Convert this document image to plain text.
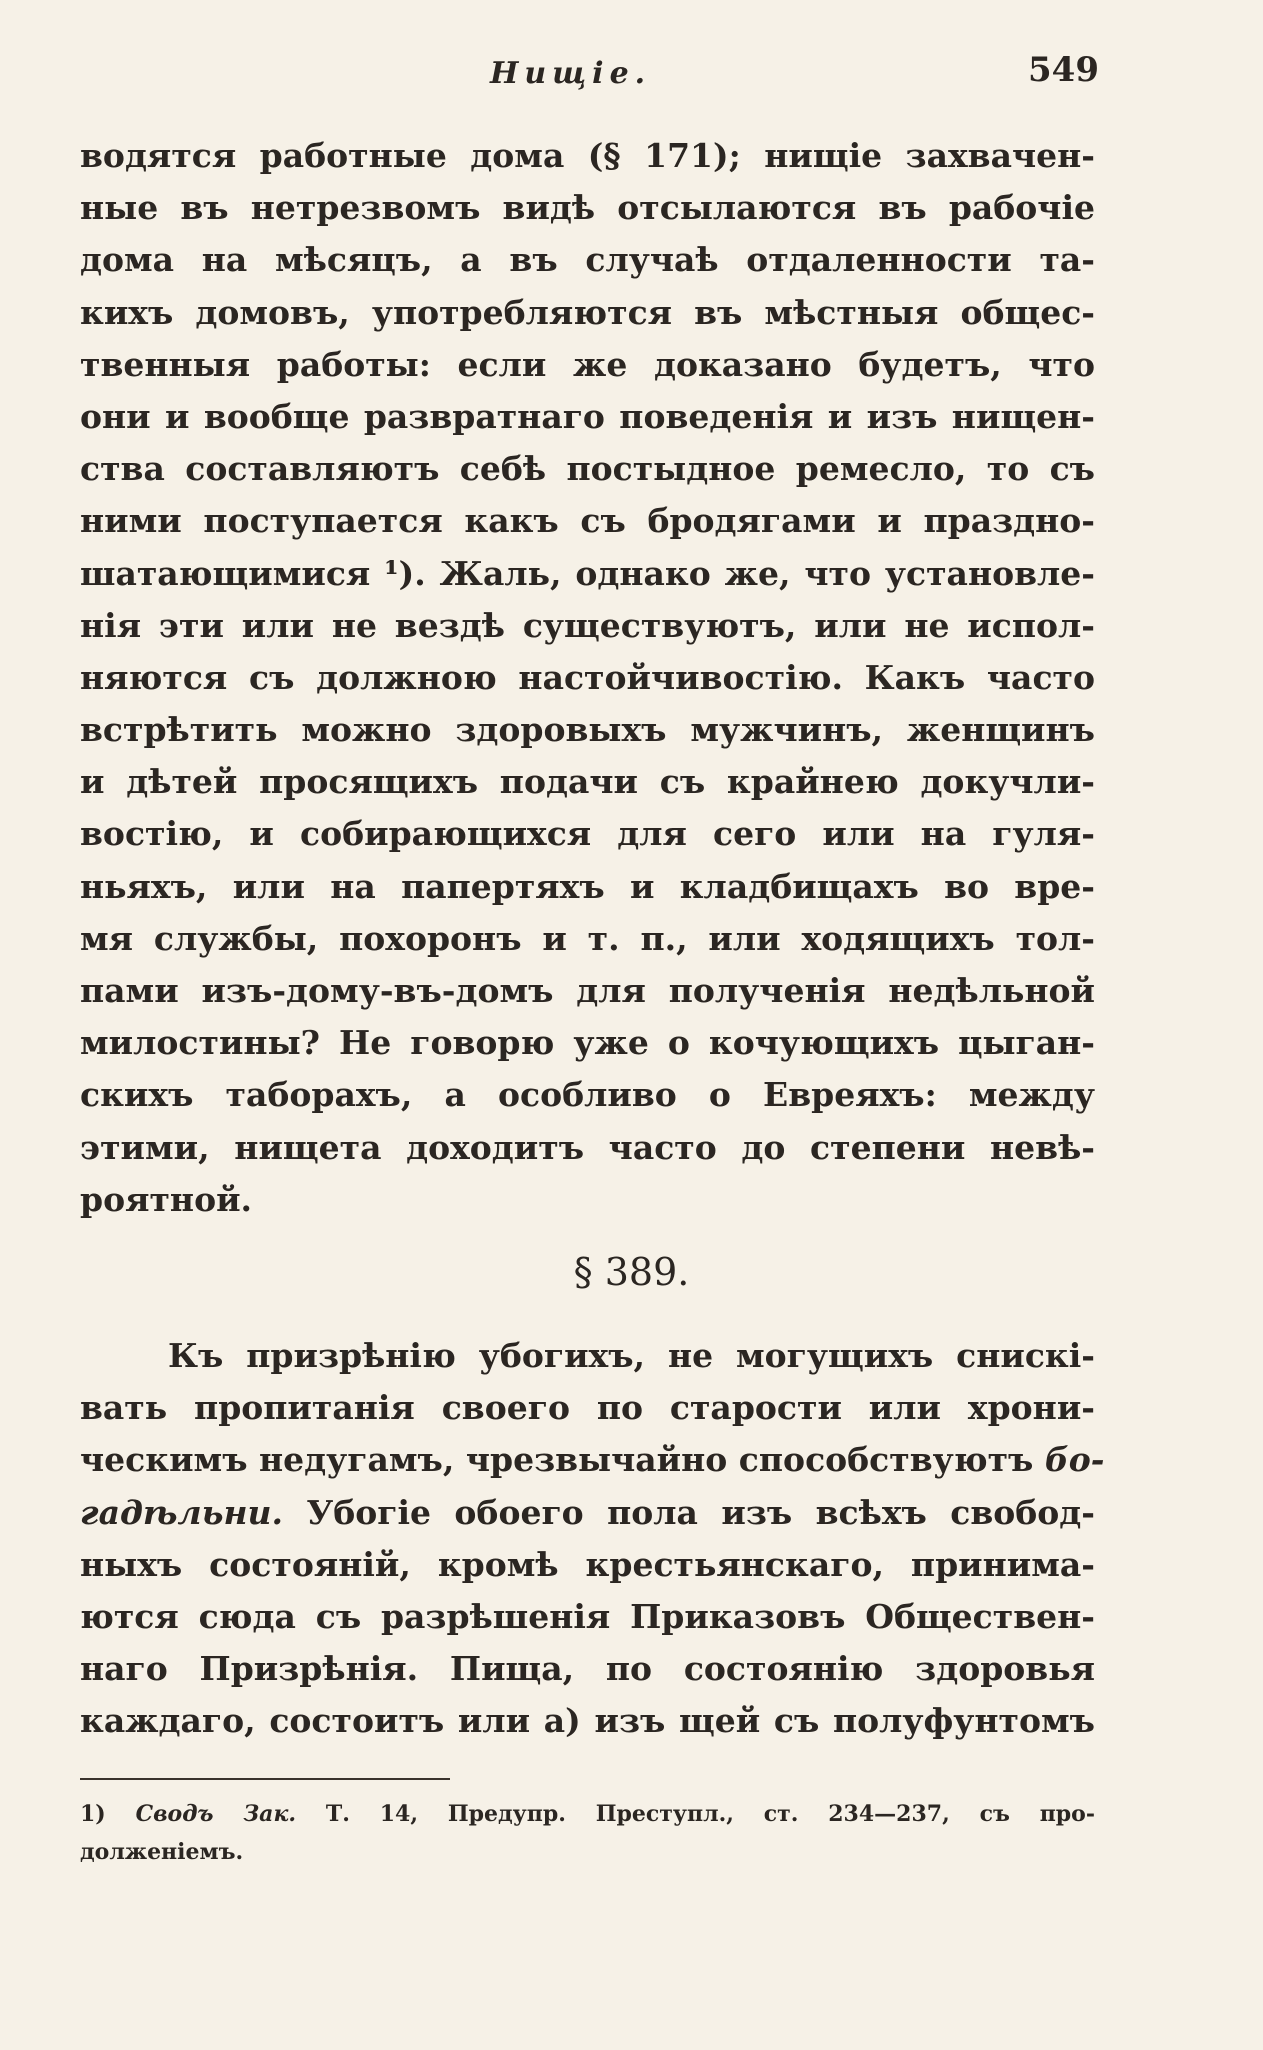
Нищіе.	549
водятся работные дома (§ 171); нищіе захвачен-
ные въ нетрезвомъ видѣ отсылаются въ рабочіе
дома на мѣсяцъ, а въ случаѣ отдаленности та-
кихъ домовъ, употребляются въ мѣстныя общес-
твенныя работы: если же доказано будетъ, что
они и вообще развратнаго поведенія и изъ нищен-
ства составляютъ себѣ постыдное ремесло, то съ
ними поступается какъ съ бродягами и праздно-
шатающимися ¹). Жаль, однако же, что установле-
нія эти или не вездѣ существуютъ, или не испол-
няются съ должною настойчивостію. Какъ часто
встрѣтить можно здоровыхъ мужчинъ, женщинъ
и дѣтей просящихъ подачи съ крайнею докучли-
востію, и собирающихся для сего или на гуля-
ньяхъ, или на папертяхъ и кладбищахъ во вре-
мя службы, похоронъ и т. п., или ходящихъ тол-
пами изъ-дому-въ-домъ для полученія недѣльной
милостины? Не говорю уже о кочующихъ цыган-
скихъ таборахъ, а особливо о Евреяхъ: между
этими, нищета доходитъ часто до степени невѣ-
роятной.
§ 389.
Къ призрѣнію убогихъ, не могущихъ снискі-
вать пропитанія своего по старости или хрони-
ческимъ недугамъ, чрезвычайно способствуютъ бо-
гадѣльни. Убогіе обоего пола изъ всѣхъ свобод-
ныхъ состояній, кромѣ крестьянскаго, принима-
ются сюда съ разрѣшенія Приказовъ Обществен-
наго Призрѣнія. Пища, по состоянію здоровья
каждаго, состоитъ или а) изъ щей съ полуфунтомъ
1) Сводъ Зак. Т. 14, Предупр. Преступл., ст. 234—237, съ про-
долженіемъ.
